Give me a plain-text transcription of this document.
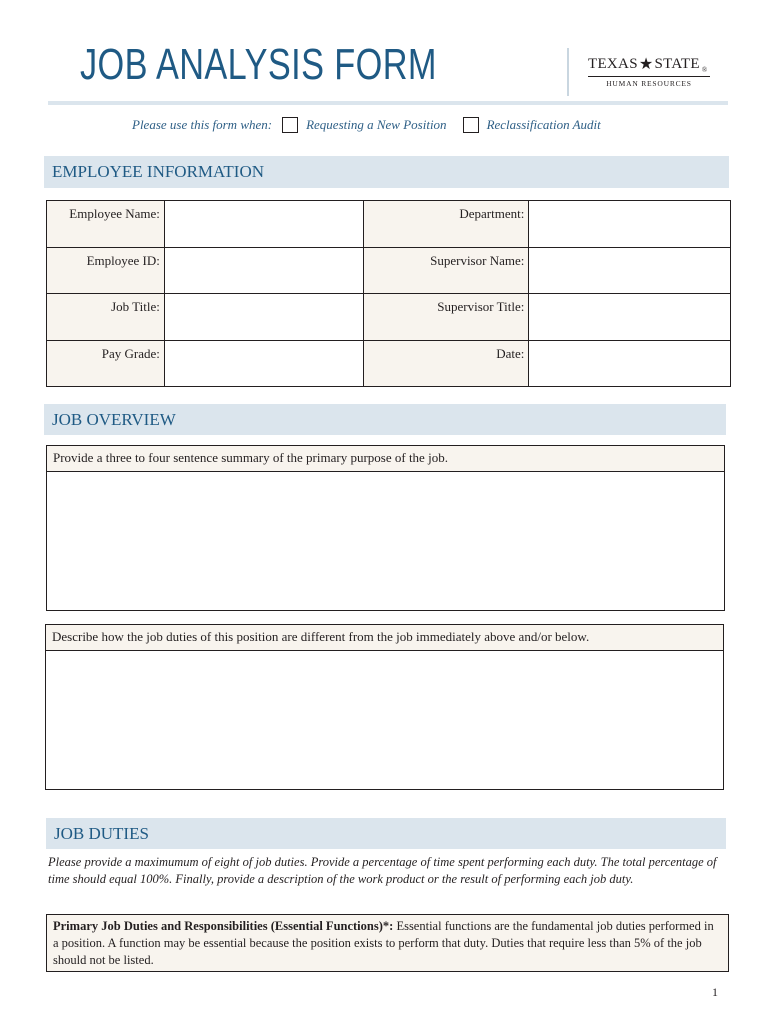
JOB ANALYSIS FORM	TEXAS ★ STATE ®
HUMAN RESOURCES
Please use this form when:	Requesting a New Position	Reclassification Audit
EMPLOYEE INFORMATION
Employee Name:		Department:	
Employee ID:		Supervisor Name:	
Job Title:		Supervisor Title:	
Pay Grade:		Date:	
JOB OVERVIEW
Provide a three to four sentence summary of the primary purpose of the job.
Describe how the job duties of this position are different from the job immediately above and/or below.
JOB DUTIES
Please provide a maximumum of eight of job duties. Provide a percentage of time spent performing each duty. The total percentage of time should equal 100%. Finally, provide a description of the work product or the result of performing each job duty.
Primary Job Duties and Responsibilities (Essential Functions)*: Essential functions are the fundamental job duties performed in a position. A function may be essential because the position exists to perform that duty. Duties that require less than 5% of the job should not be listed.
1
